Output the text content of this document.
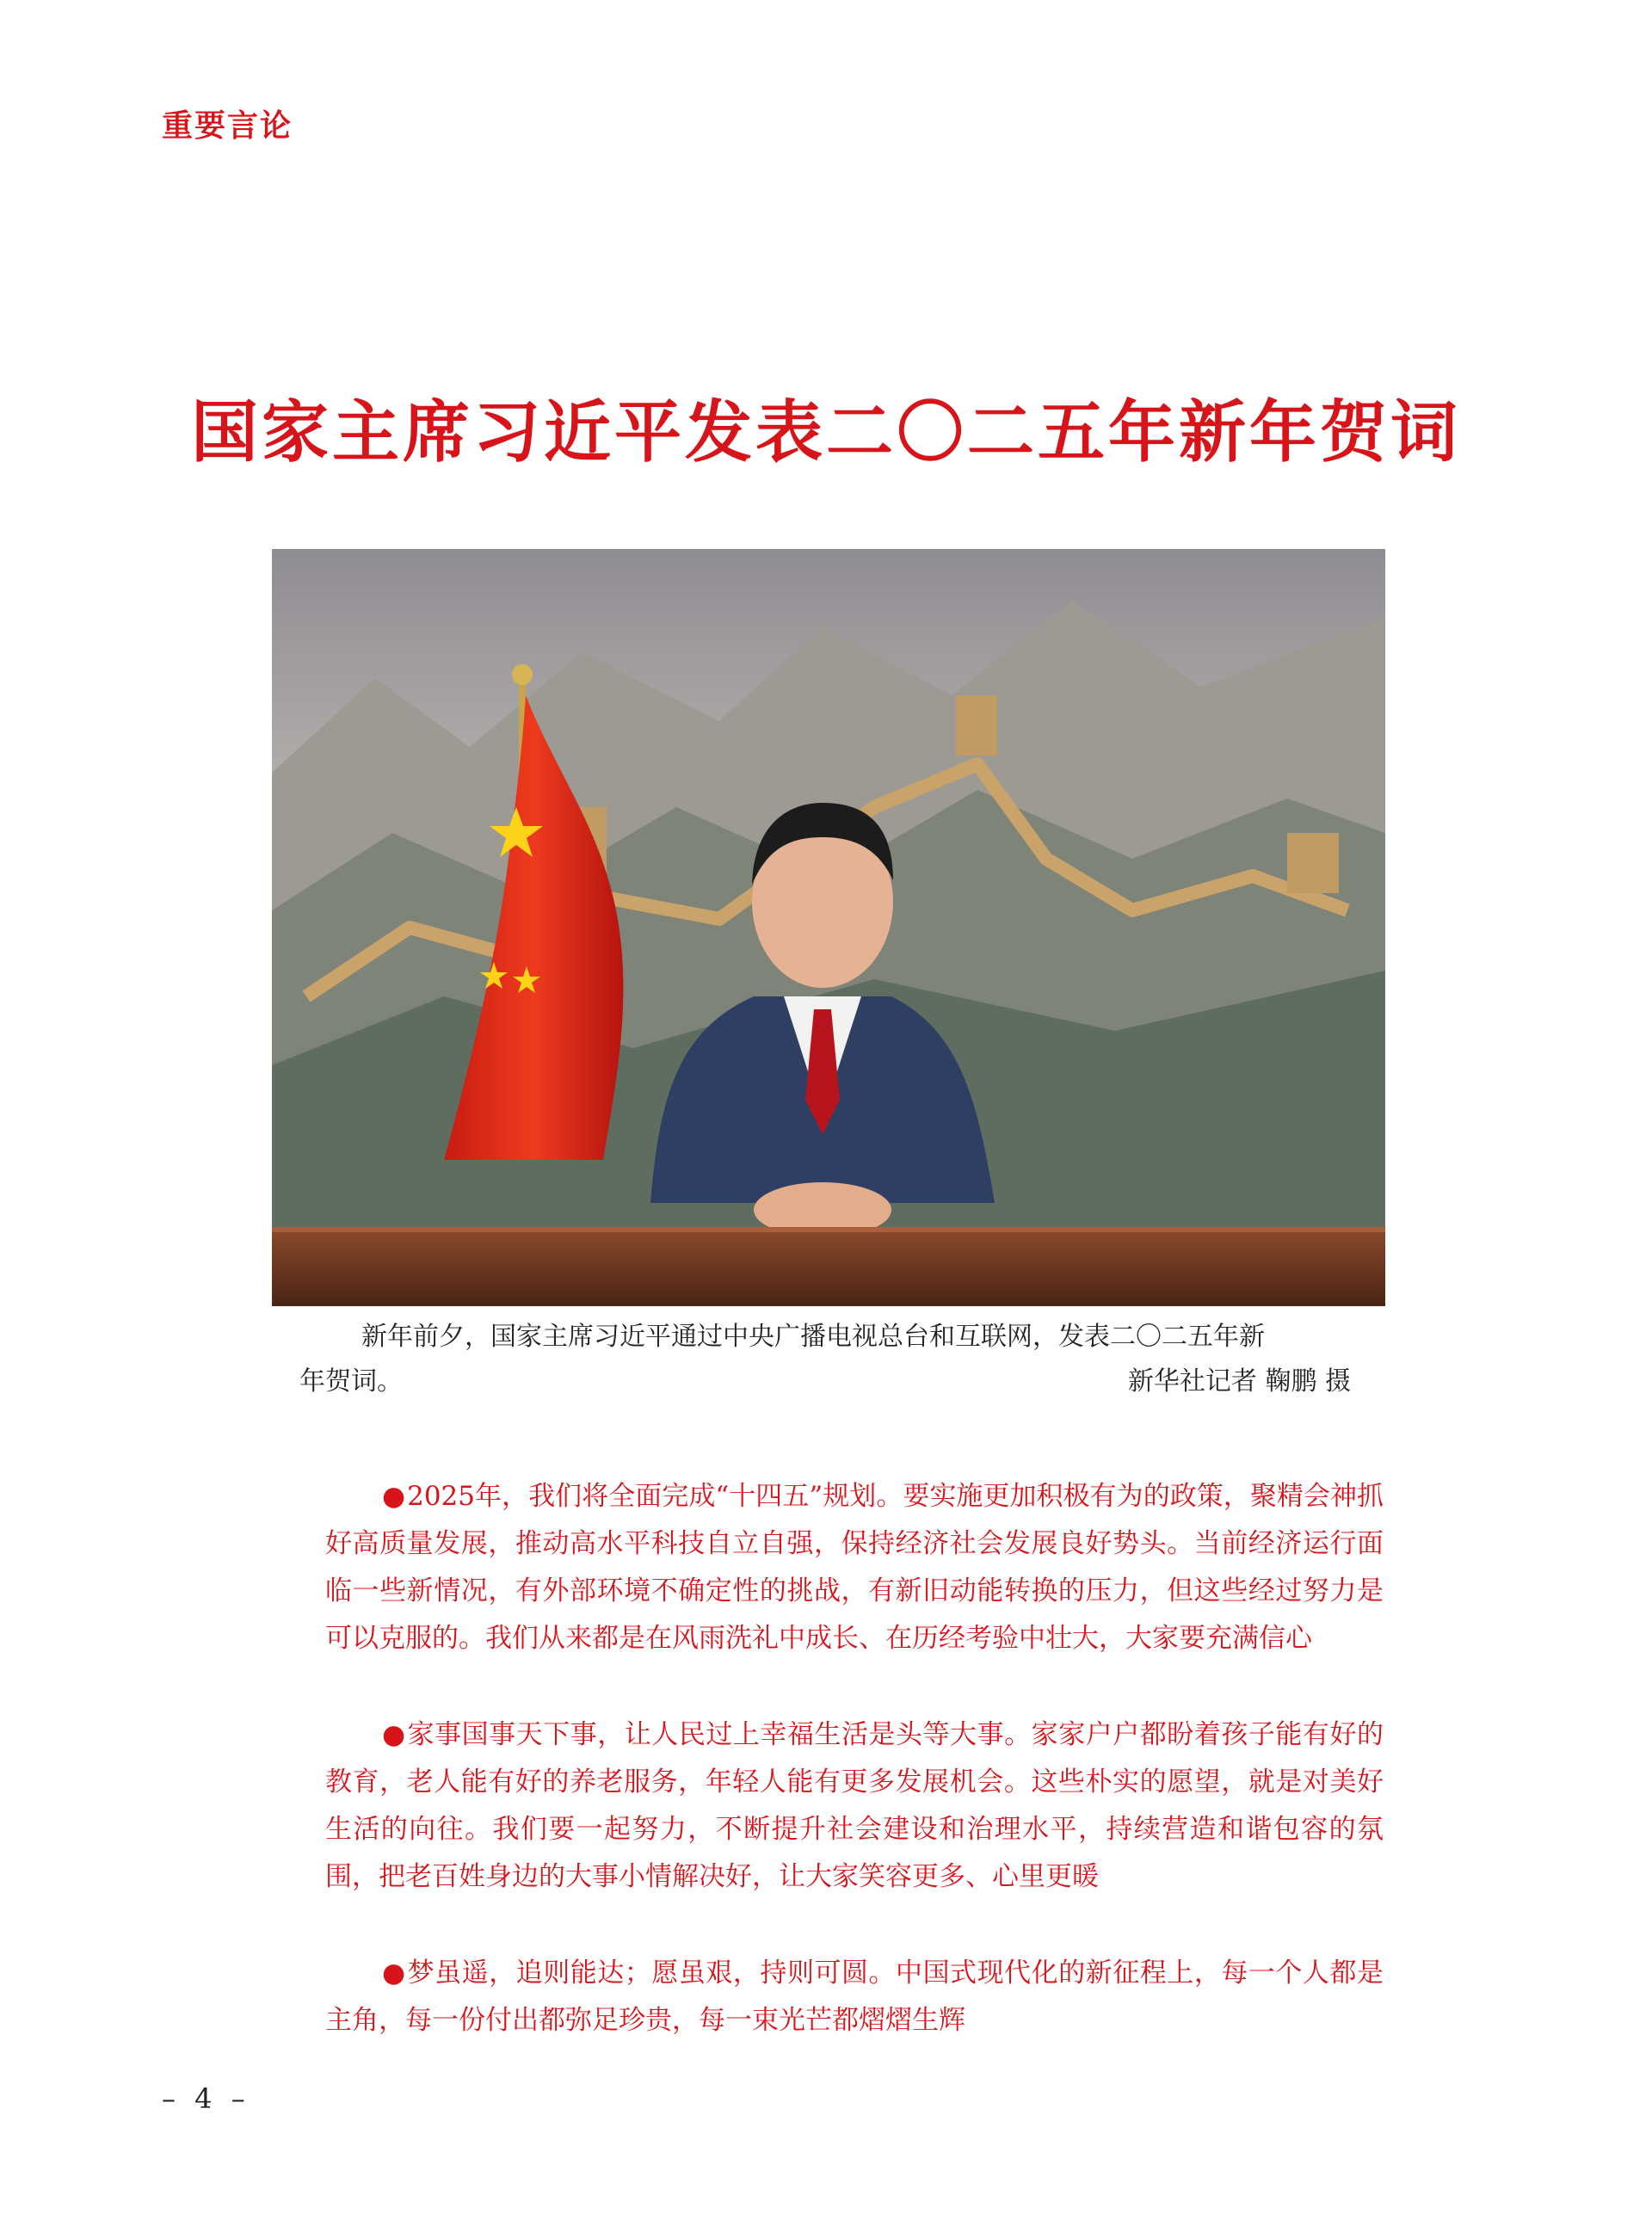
重要言论
国家主席习近平发表二〇二五年新年贺词

新年前夕，国家主席习近平通过中央广播电视总台和互联网，发表二〇二五年新

年贺词。	新华社记者 鞠鹏 摄

●2025年，我们将全面完成“十四五”规划。要实施更加积极有为的政策，聚精会神抓好高质量发展，推动高水平科技自立自强，保持经济社会发展良好势头。当前经济运行面临一些新情况，有外部环境不确定性的挑战，有新旧动能转换的压力，但这些经过努力是可以克服的。我们从来都是在风雨洗礼中成长、在历经考验中壮大，大家要充满信心

●家事国事天下事，让人民过上幸福生活是头等大事。家家户户都盼着孩子能有好的教育，老人能有好的养老服务，年轻人能有更多发展机会。这些朴实的愿望，就是对美好生活的向往。我们要一起努力，不断提升社会建设和治理水平，持续营造和谐包容的氛围，把老百姓身边的大事小情解决好，让大家笑容更多、心里更暖

●梦虽遥，追则能达；愿虽艰，持则可圆。中国式现代化的新征程上，每一个人都是主角，每一份付出都弥足珍贵，每一束光芒都熠熠生辉

– 4 –
